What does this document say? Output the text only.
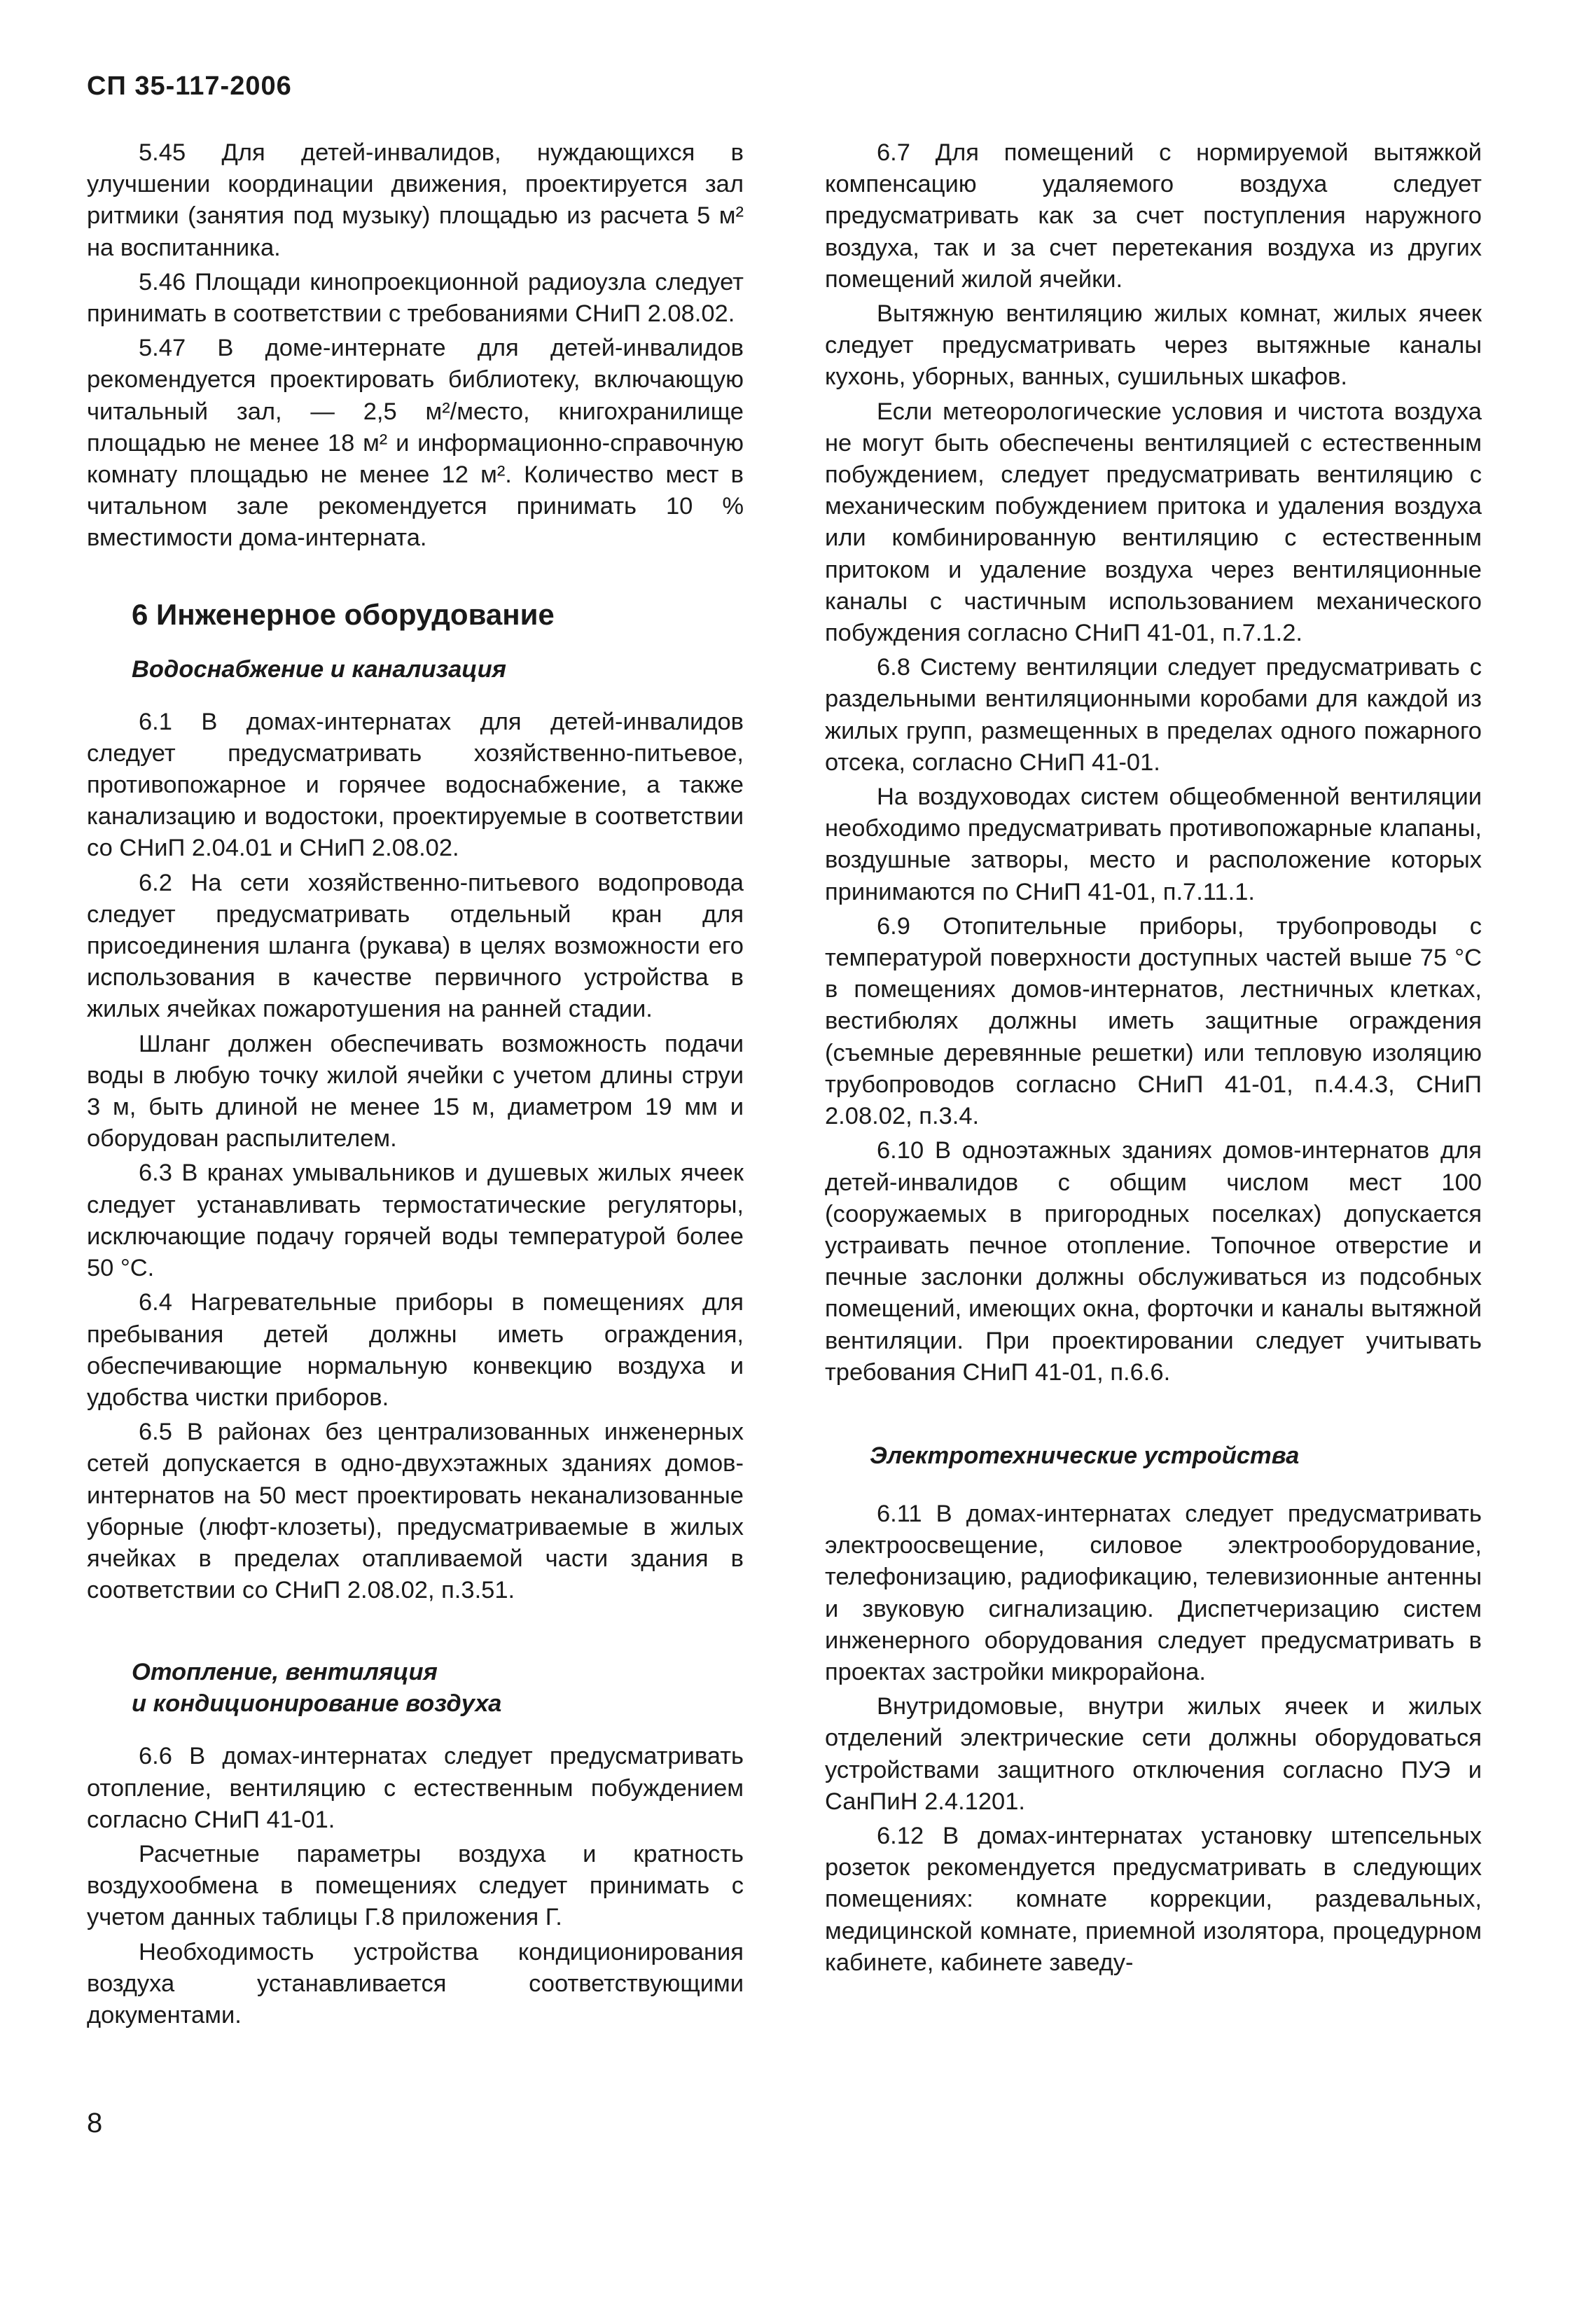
СП 35-117-2006

5.45 Для детей-инвалидов, нуждающихся в улучшении координации движения, проектируется зал ритмики (занятия под музыку) площадью из расчета 5 м² на воспитанника.

5.46 Площади кинопроекционной радиоузла следует принимать в соответствии с требованиями СНиП 2.08.02.

5.47 В доме-интернате для детей-инвалидов рекомендуется проектировать библиотеку, включающую читальный зал, — 2,5 м²/место, книгохранилище площадью не менее 18 м² и информационно-справочную комнату площадью не менее 12 м². Количество мест в читальном зале рекомендуется принимать 10 % вместимости дома-интерната.

6 Инженерное оборудование
Водоснабжение и канализация

6.1 В домах-интернатах для детей-инвалидов следует предусматривать хозяйственно-питьевое, противопожарное и горячее водоснабжение, а также канализацию и водостоки, проектируемые в соответствии со СНиП 2.04.01 и СНиП 2.08.02.

6.2 На сети хозяйственно-питьевого водопровода следует предусматривать отдельный кран для присоединения шланга (рукава) в целях возможности его использования в качестве первичного устройства в жилых ячейках пожаротушения на ранней стадии.

Шланг должен обеспечивать возможность подачи воды в любую точку жилой ячейки с учетом длины струи 3 м, быть длиной не менее 15 м, диаметром 19 мм и оборудован распылителем.

6.3 В кранах умывальников и душевых жилых ячеек следует устанавливать термостатические регуляторы, исключающие подачу горячей воды температурой более 50 °С.

6.4 Нагревательные приборы в помещениях для пребывания детей должны иметь ограждения, обеспечивающие нормальную конвекцию воздуха и удобства чистки приборов.

6.5 В районах без централизованных инженерных сетей допускается в одно-двухэтажных зданиях домов-интернатов на 50 мест проектировать неканализованные уборные (люфт-клозеты), предусматриваемые в жилых ячейках в пределах отапливаемой части здания в соответствии со СНиП 2.08.02, п.3.51.

Отопление, вентиляция
и кондиционирование воздуха

6.6 В домах-интернатах следует предусматривать отопление, вентиляцию с естественным побуждением согласно СНиП 41-01.

Расчетные параметры воздуха и кратность воздухообмена в помещениях следует принимать с учетом данных таблицы Г.8 приложения Г.

Необходимость устройства кондиционирования воздуха устанавливается соответствующими документами.

6.7 Для помещений с нормируемой вытяжкой компенсацию удаляемого воздуха следует предусматривать как за счет поступления наружного воздуха, так и за счет перетекания воздуха из других помещений жилой ячейки.

Вытяжную вентиляцию жилых комнат, жилых ячеек следует предусматривать через вытяжные каналы кухонь, уборных, ванных, сушильных шкафов.

Если метеорологические условия и чистота воздуха не могут быть обеспечены вентиляцией с естественным побуждением, следует предусматривать вентиляцию с механическим побуждением притока и удаления воздуха или комбинированную вентиляцию с естественным притоком и удаление воздуха через вентиляционные каналы с частичным использованием механического побуждения согласно СНиП 41-01, п.7.1.2.

6.8 Систему вентиляции следует предусматривать с раздельными вентиляционными коробами для каждой из жилых групп, размещенных в пределах одного пожарного отсека, согласно СНиП 41-01.

На воздуховодах систем общеобменной вентиляции необходимо предусматривать противопожарные клапаны, воздушные затворы, место и расположение которых принимаются по СНиП 41-01, п.7.11.1.

6.9 Отопительные приборы, трубопроводы с температурой поверхности доступных частей выше 75 °С в помещениях домов-интернатов, лестничных клетках, вестибюлях должны иметь защитные ограждения (съемные деревянные решетки) или тепловую изоляцию трубопроводов согласно СНиП 41-01, п.4.4.3, СНиП 2.08.02, п.3.4.

6.10 В одноэтажных зданиях домов-интернатов для детей-инвалидов с общим числом мест 100 (сооружаемых в пригородных поселках) допускается устраивать печное отопление. Топочное отверстие и печные заслонки должны обслуживаться из подсобных помещений, имеющих окна, форточки и каналы вытяжной вентиляции. При проектировании следует учитывать требования СНиП 41-01, п.6.6.

Электротехнические устройства

6.11 В домах-интернатах следует предусматривать электроосвещение, силовое электрооборудование, телефонизацию, радиофикацию, телевизионные антенны и звуковую сигнализацию. Диспетчеризацию систем инженерного оборудования следует предусматривать в проектах застройки микрорайона.

Внутридомовые, внутри жилых ячеек и жилых отделений электрические сети должны оборудоваться устройствами защитного отключения согласно ПУЭ и СанПиН 2.4.1201.

6.12 В домах-интернатах установку штепсельных розеток рекомендуется предусматривать в следующих помещениях: комнате коррекции, раздевальных, медицинской комнате, приемной изолятора, процедурном кабинете, кабинете заведу-

8
